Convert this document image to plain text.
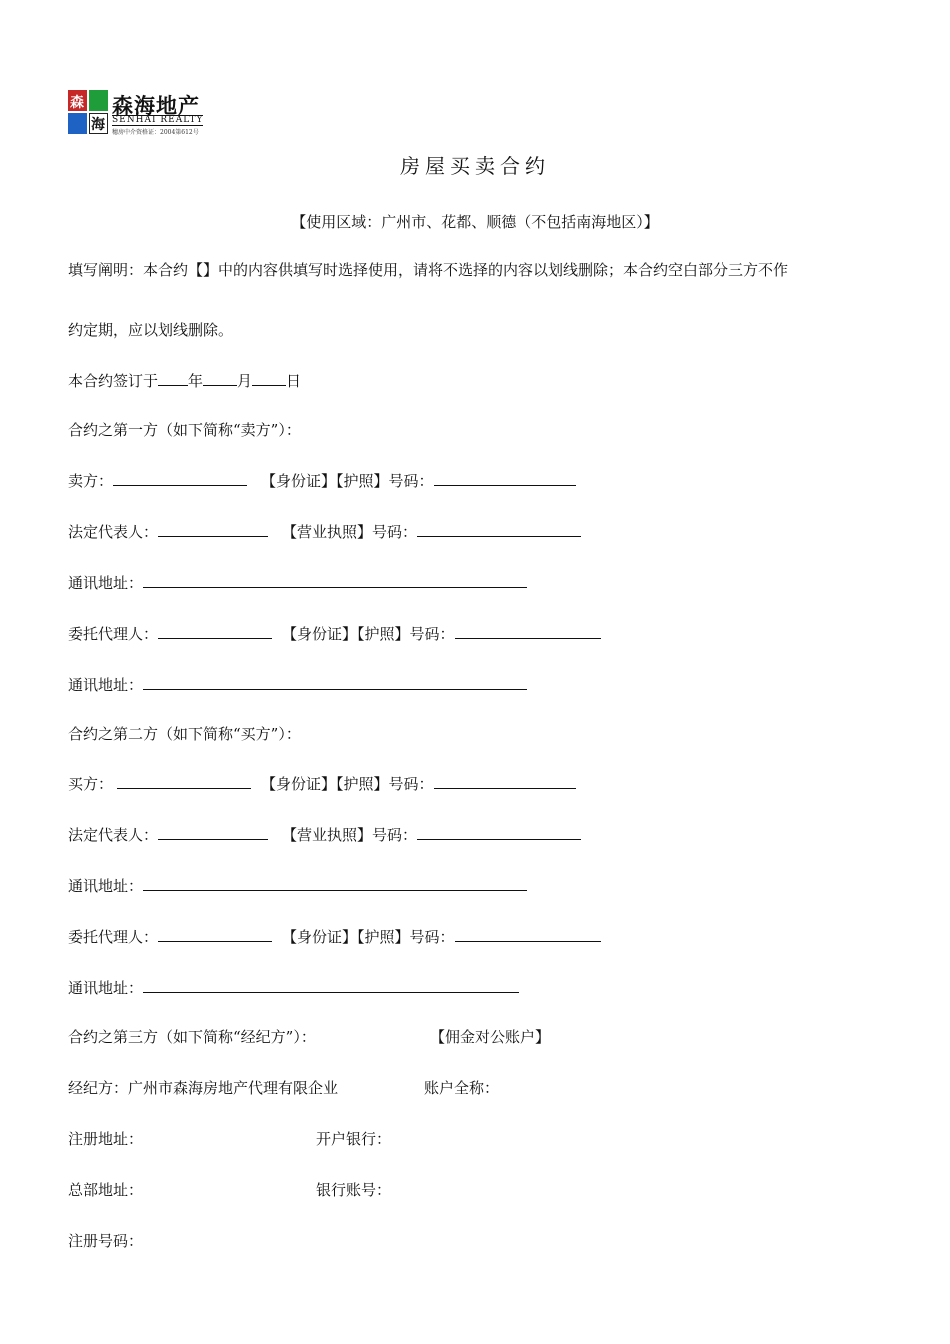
森
海
森海地产
SENHAI REALTY
穗房中介资格证：2004第612号
房屋买卖合约
【使用区域：广州市、花都、顺德（不包括南海地区）】
填写阐明：本合约【】中的内容供填写时选择使用，请将不选择的内容以划线删除；本合约空白部分三方不作
约定期，应以划线删除。
本合约签订于 年 月 日
合约之第一方（如下简称“卖方”）：
卖方：	【身份证】【护照】号码：
法定代表人：	【营业执照】号码：
通讯地址：
委托代理人：	【身份证】【护照】号码：
通讯地址：
合约之第二方（如下简称“买方”）：
买方：	【身份证】【护照】号码：
法定代表人：	【营业执照】号码：
通讯地址：
委托代理人：	【身份证】【护照】号码：
通讯地址：
合约之第三方（如下简称“经纪方”）：	【佣金对公账户】
经纪方：广州市森海房地产代理有限企业	账户全称：
注册地址：	开户银行：
总部地址：	银行账号：
注册号码：
